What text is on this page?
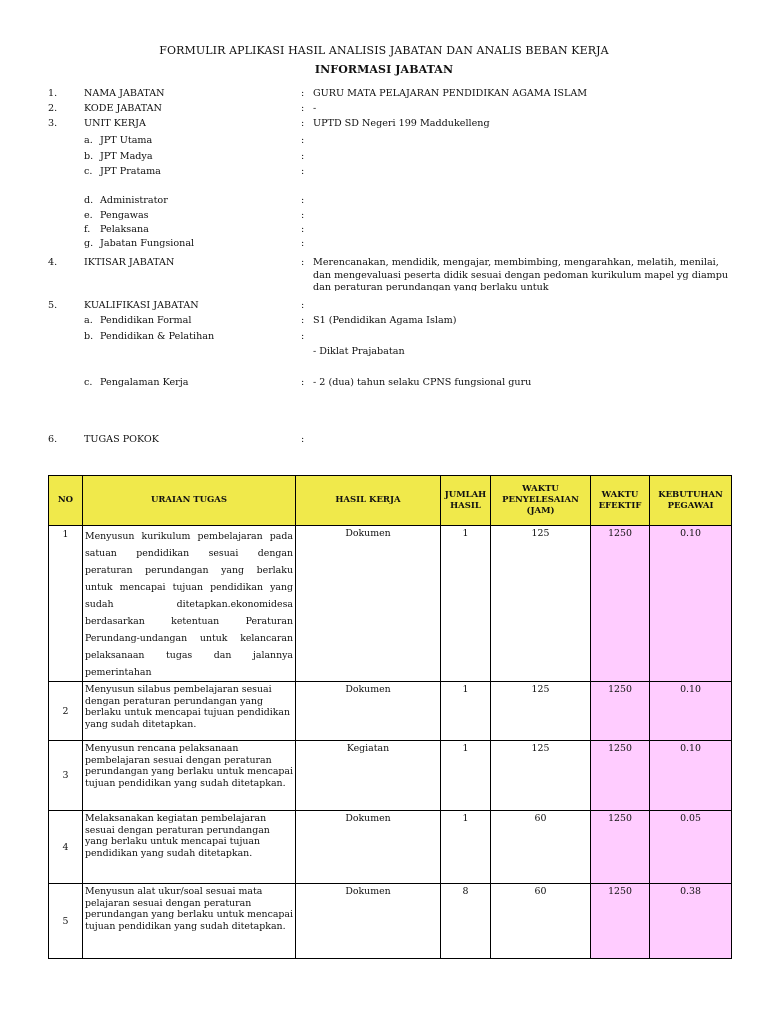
FORMULIR APLIKASI HASIL ANALISIS JABATAN DAN ANALIS BEBAN KERJA
INFORMASI JABATAN
1.	NAMA JABATAN	: GURU MATA PELAJARAN PENDIDIKAN AGAMA ISLAM
2.	KODE JABATAN	: -
3.	UNIT KERJA	: UPTD SD Negeri 199 Maddukelleng
a. JPT Utama	:
b. JPT Madya	:
c. JPT Pratama	:
d. Administrator	:
e. Pengawas	:
f. Pelaksana	:
g. Jabatan Fungsional	:
4.	IKTISAR JABATAN	: Merencanakan, mendidik, mengajar, membimbing, mengarahkan, melatih, menilai, dan mengevaluasi peserta didik sesuai dengan pedoman kurikulum mapel yg diampu dan peraturan perundangan yang berlaku untuk
5.	KUALIFIKASI JABATAN	:
a. Pendidikan Formal	: S1 (Pendidikan Agama Islam)
b. Pendidikan & Pelatihan	:
- Diklat Prajabatan
c. Pengalaman Kerja	: - 2 (dua) tahun selaku CPNS fungsional guru
6.	TUGAS POKOK	:
NO	URAIAN TUGAS	HASIL KERJA	JUMLAH HASIL	WAKTU PENYELESAIAN (JAM)	WAKTU EFEKTIF	KEBUTUHAN PEGAWAI
1	Menyusun kurikulum pembelajaran pada satuan pendidikan sesuai dengan peraturan perundangan yang berlaku untuk mencapai tujuan pendidikan yang sudah ditetapkan.ekonomidesa berdasarkan ketentuan Peraturan Perundang-undangan untuk kelancaran pelaksanaan tugas dan jalannya pemerintahan	Dokumen	1	125	1250	0.10

2	Menyusun silabus pembelajaran sesuai dengan peraturan perundangan yang berlaku untuk mencapai tujuan pendidikan yang sudah ditetapkan.	Dokumen	1	125	1250	0.10

3	Menyusun rencana pelaksanaan pembelajaran sesuai dengan peraturan perundangan yang berlaku untuk mencapai tujuan pendidikan yang sudah ditetapkan.	Kegiatan	1	125	1250	0.10

4	Melaksanakan kegiatan pembelajaran sesuai dengan peraturan perundangan yang berlaku untuk mencapai tujuan pendidikan yang sudah ditetapkan.	Dokumen	1	60	1250	0.05

5	Menyusun alat ukur/soal sesuai mata pelajaran sesuai dengan peraturan perundangan yang berlaku untuk mencapai tujuan pendidikan yang sudah ditetapkan.	Dokumen	8	60	1250	0.38
